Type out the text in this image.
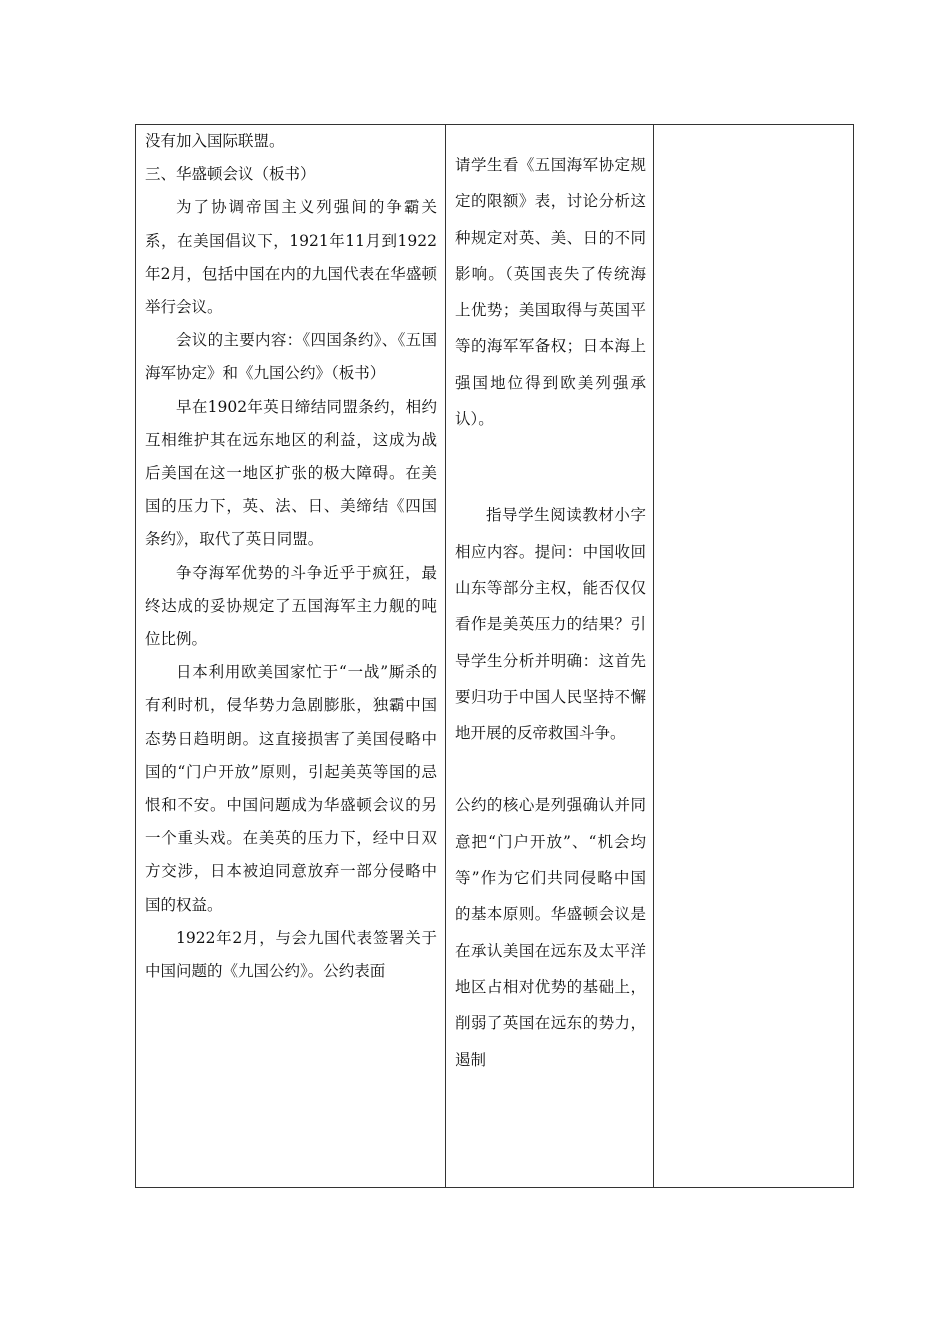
没有加入国际联盟。

三、华盛顿会议（板书）

为了协调帝国主义列强间的争霸关系，在美国倡议下，1921年11月到1922年2月，包括中国在内的九国代表在华盛顿举行会议。

会议的主要内容：《四国条约》、《五国海军协定》和《九国公约》（板书）

早在1902年英日缔结同盟条约，相约互相维护其在远东地区的利益，这成为战后美国在这一地区扩张的极大障碍。在美国的压力下，英、法、日、美缔结《四国条约》，取代了英日同盟。

争夺海军优势的斗争近乎于疯狂，最终达成的妥协规定了五国海军主力舰的吨位比例。

日本利用欧美国家忙于“一战”厮杀的有利时机，侵华势力急剧膨胀，独霸中国态势日趋明朗。这直接损害了美国侵略中国的“门户开放”原则，引起美英等国的忌恨和不安。中国问题成为华盛顿会议的另一个重头戏。在美英的压力下，经中日双方交涉，日本被迫同意放弃一部分侵略中国的权益。

1922年2月，与会九国代表签署关于中国问题的《九国公约》。公约表面

请学生看《五国海军协定规定的限额》表，讨论分析这种规定对英、美、日的不同影响。（英国丧失了传统海上优势；美国取得与英国平等的海军军备权；日本海上强国地位得到欧美列强承认）。

指导学生阅读教材小字相应内容。提问：中国收回山东等部分主权，能否仅仅看作是美英压力的结果？引导学生分析并明确：这首先要归功于中国人民坚持不懈地开展的反帝救国斗争。

公约的核心是列强确认并同意把“门户开放”、“机会均等”作为它们共同侵略中国的基本原则。华盛顿会议是在承认美国在远东及太平洋地区占相对优势的基础上，削弱了英国在远东的势力，遏制
